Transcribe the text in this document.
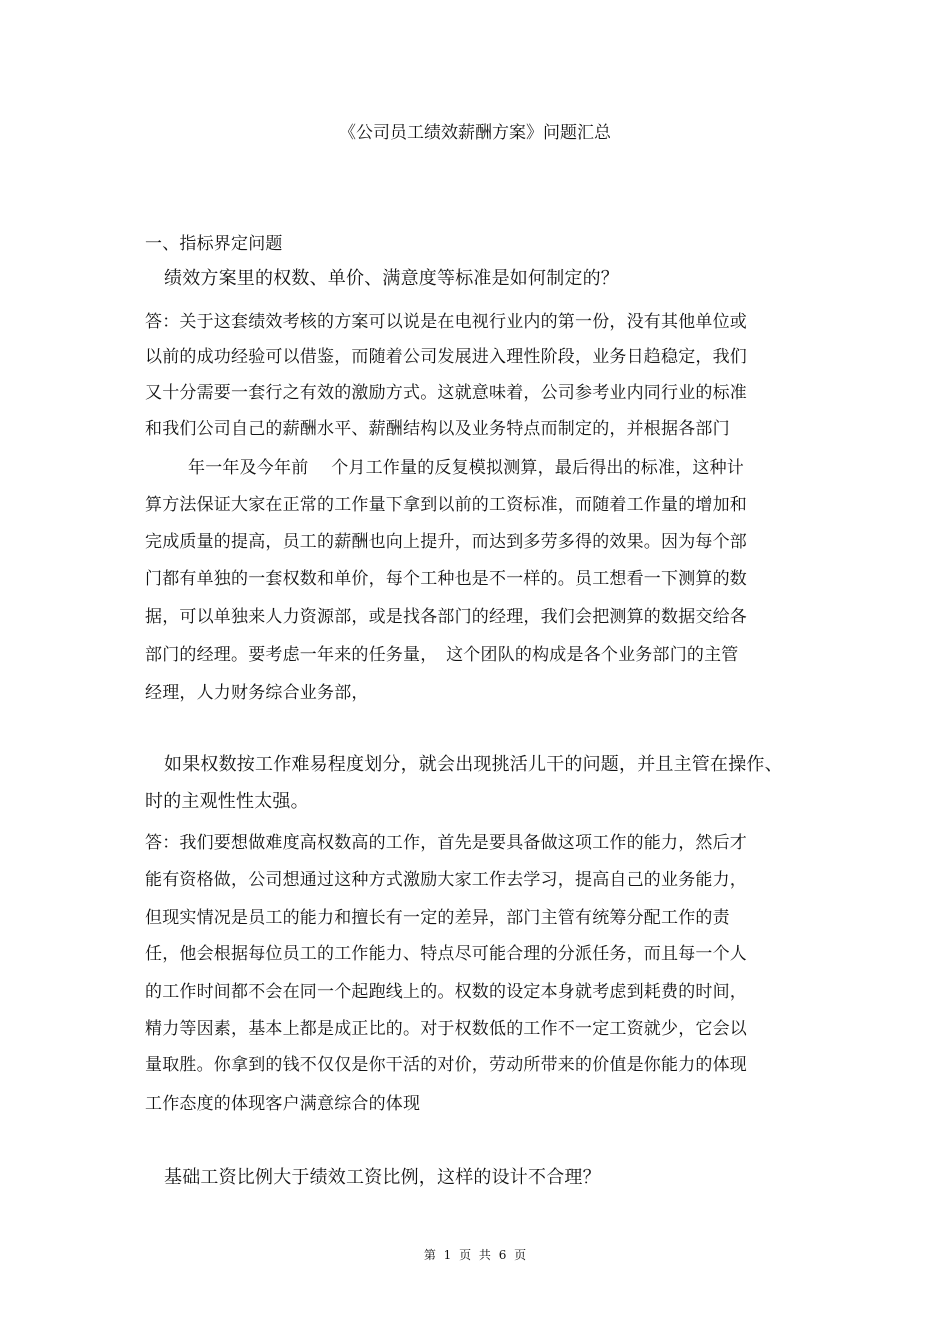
《公司员工绩效薪酬方案》问题汇总
一、指标界定问题
绩效方案里的权数、单价、满意度等标准是如何制定的？
答：关于这套绩效考核的方案可以说是在电视行业内的第一份，没有其他单位或
以前的成功经验可以借鉴，而随着公司发展进入理性阶段，业务日趋稳定，我们
又十分需要一套行之有效的激励方式。这就意味着，公司参考业内同行业的标准
和我们公司自己的薪酬水平、薪酬结构以及业务特点而制定的，并根据各部门
年一年及今年前　 个月工作量的反复模拟测算，最后得出的标准，这种计
算方法保证大家在正常的工作量下拿到以前的工资标准，而随着工作量的增加和
完成质量的提高，员工的薪酬也向上提升，而达到多劳多得的效果。因为每个部
门都有单独的一套权数和单价，每个工种也是不一样的。员工想看一下测算的数
据，可以单独来人力资源部，或是找各部门的经理，我们会把测算的数据交给各
部门的经理。要考虑一年来的任务量，　这个团队的构成是各个业务部门的主管
经理，人力财务综合业务部，
如果权数按工作难易程度划分，就会出现挑活儿干的问题，并且主管在操作、
时的主观性性太强。
答：我们要想做难度高权数高的工作，首先是要具备做这项工作的能力，然后才
能有资格做，公司想通过这种方式激励大家工作去学习，提高自己的业务能力，
但现实情况是员工的能力和擅长有一定的差异，部门主管有统筹分配工作的责
任，他会根据每位员工的工作能力、特点尽可能合理的分派任务，而且每一个人
的工作时间都不会在同一个起跑线上的。权数的设定本身就考虑到耗费的时间，
精力等因素，基本上都是成正比的。对于权数低的工作不一定工资就少，它会以
量取胜。你拿到的钱不仅仅是你干活的对价，劳动所带来的价值是你能力的体现
工作态度的体现客户满意综合的体现
基础工资比例大于绩效工资比例，这样的设计不合理？
第 1 页 共 6 页
